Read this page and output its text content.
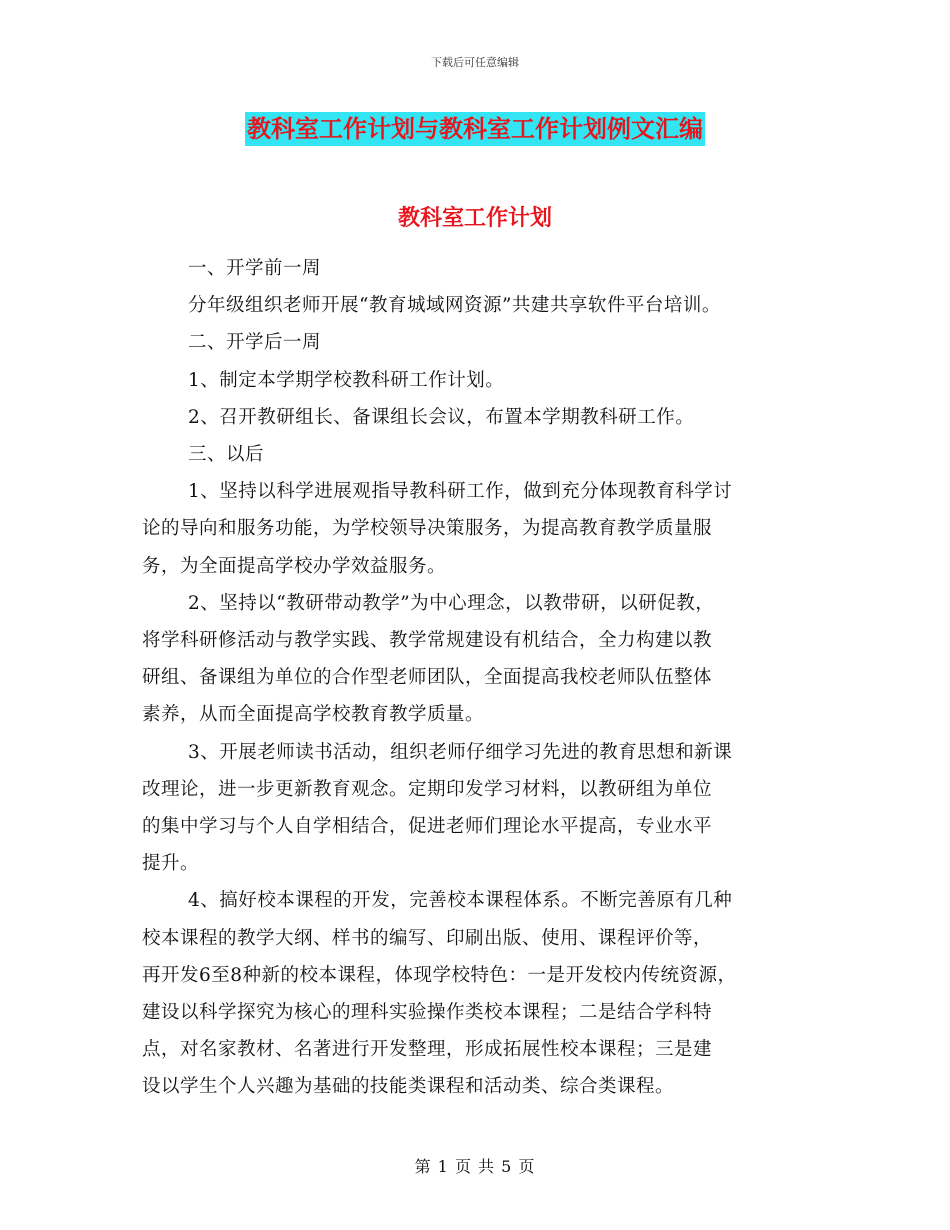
下载后可任意编辑
教科室工作计划与教科室工作计划例文汇编
教科室工作计划
一、开学前一周
分年级组织老师开展“教育城域网资源”共建共享软件平台培训。
二、开学后一周
1、制定本学期学校教科研工作计划。
2、召开教研组长、备课组长会议，布置本学期教科研工作。
三、以后
1、坚持以科学进展观指导教科研工作，做到充分体现教育科学讨
论的导向和服务功能，为学校领导决策服务，为提高教育教学质量服
务，为全面提高学校办学效益服务。
2、坚持以“教研带动教学”为中心理念，以教带研，以研促教，
将学科研修活动与教学实践、教学常规建设有机结合，全力构建以教
研组、备课组为单位的合作型老师团队，全面提高我校老师队伍整体
素养，从而全面提高学校教育教学质量。
3、开展老师读书活动，组织老师仔细学习先进的教育思想和新课
改理论，进一步更新教育观念。定期印发学习材料，以教研组为单位
的集中学习与个人自学相结合，促进老师们理论水平提高，专业水平
提升。
4、搞好校本课程的开发，完善校本课程体系。不断完善原有几种
校本课程的教学大纲、样书的编写、印刷出版、使用、课程评价等，
再开发6至8种新的校本课程，体现学校特色：一是开发校内传统资源，
建设以科学探究为核心的理科实验操作类校本课程；二是结合学科特
点，对名家教材、名著进行开发整理，形成拓展性校本课程；三是建
设以学生个人兴趣为基础的技能类课程和活动类、综合类课程。
第 1 页 共 5 页
